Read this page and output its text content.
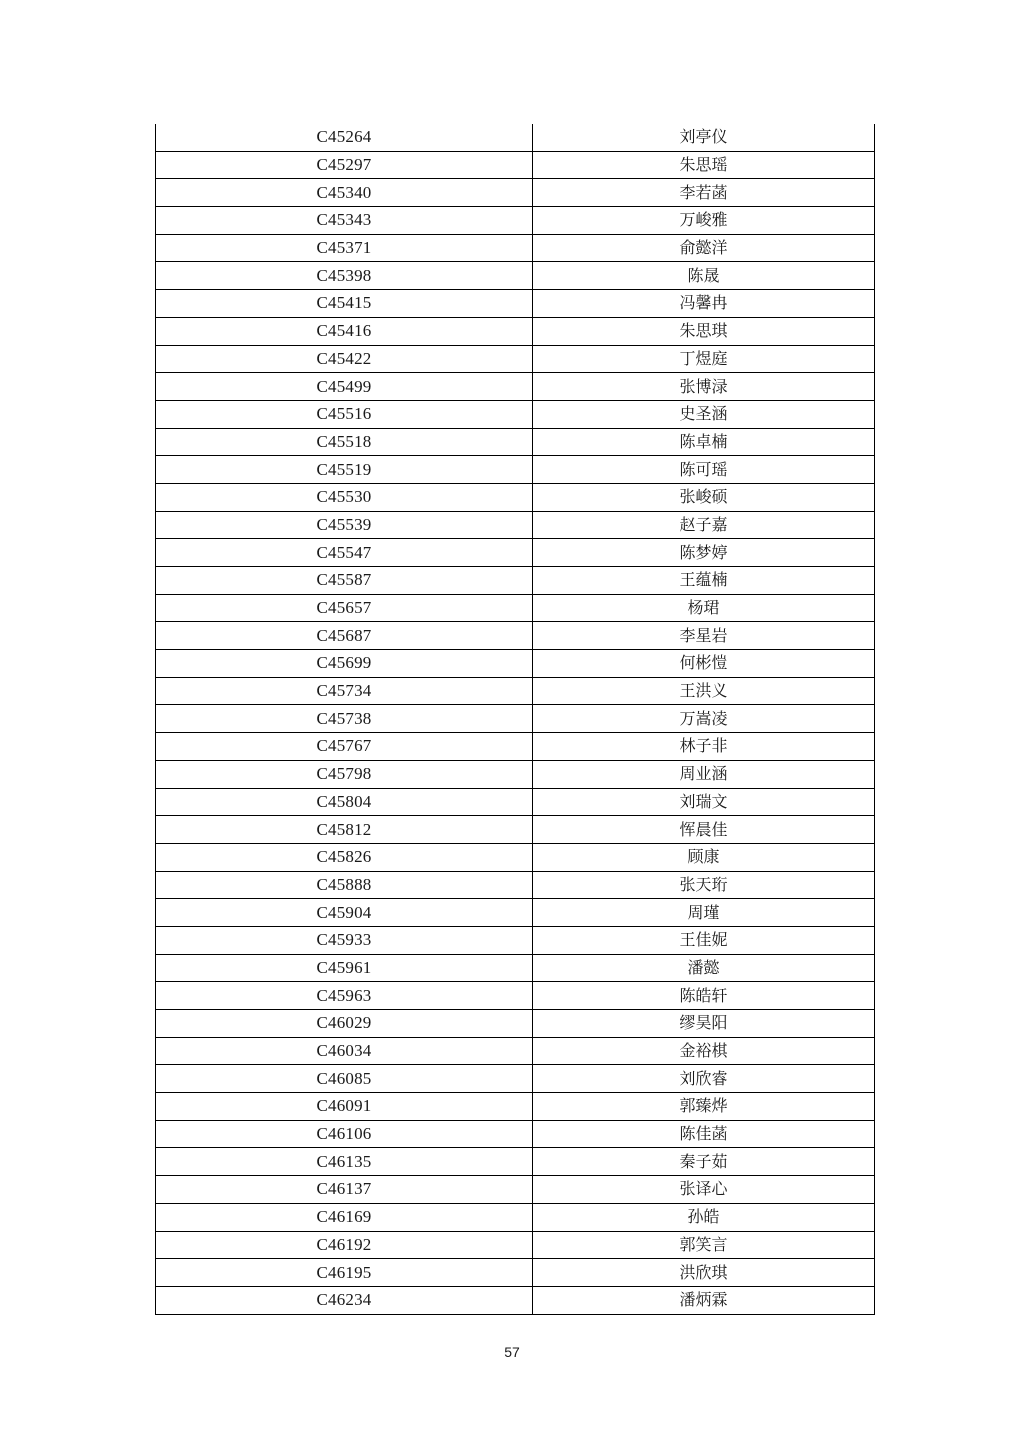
C45264	刘亭仪
C45297	朱思瑶
C45340	李若菡
C45343	万峻雅
C45371	俞懿洋
C45398	陈晟
C45415	冯馨冉
C45416	朱思琪
C45422	丁煜庭
C45499	张博渌
C45516	史圣涵
C45518	陈卓楠
C45519	陈可瑶
C45530	张峻硕
C45539	赵子嘉
C45547	陈梦婷
C45587	王蕴楠
C45657	杨珺
C45687	李星岩
C45699	何彬愷
C45734	王洪义
C45738	万嵩凌
C45767	林子非
C45798	周业涵
C45804	刘瑞文
C45812	恽晨佳
C45826	顾康
C45888	张天珩
C45904	周瑾
C45933	王佳妮
C45961	潘懿
C45963	陈皓轩
C46029	缪昊阳
C46034	金裕棋
C46085	刘欣睿
C46091	郭臻烨
C46106	陈佳菡
C46135	秦子茹
C46137	张译心
C46169	孙皓
C46192	郭笑言
C46195	洪欣琪
C46234	潘炳霖
57
